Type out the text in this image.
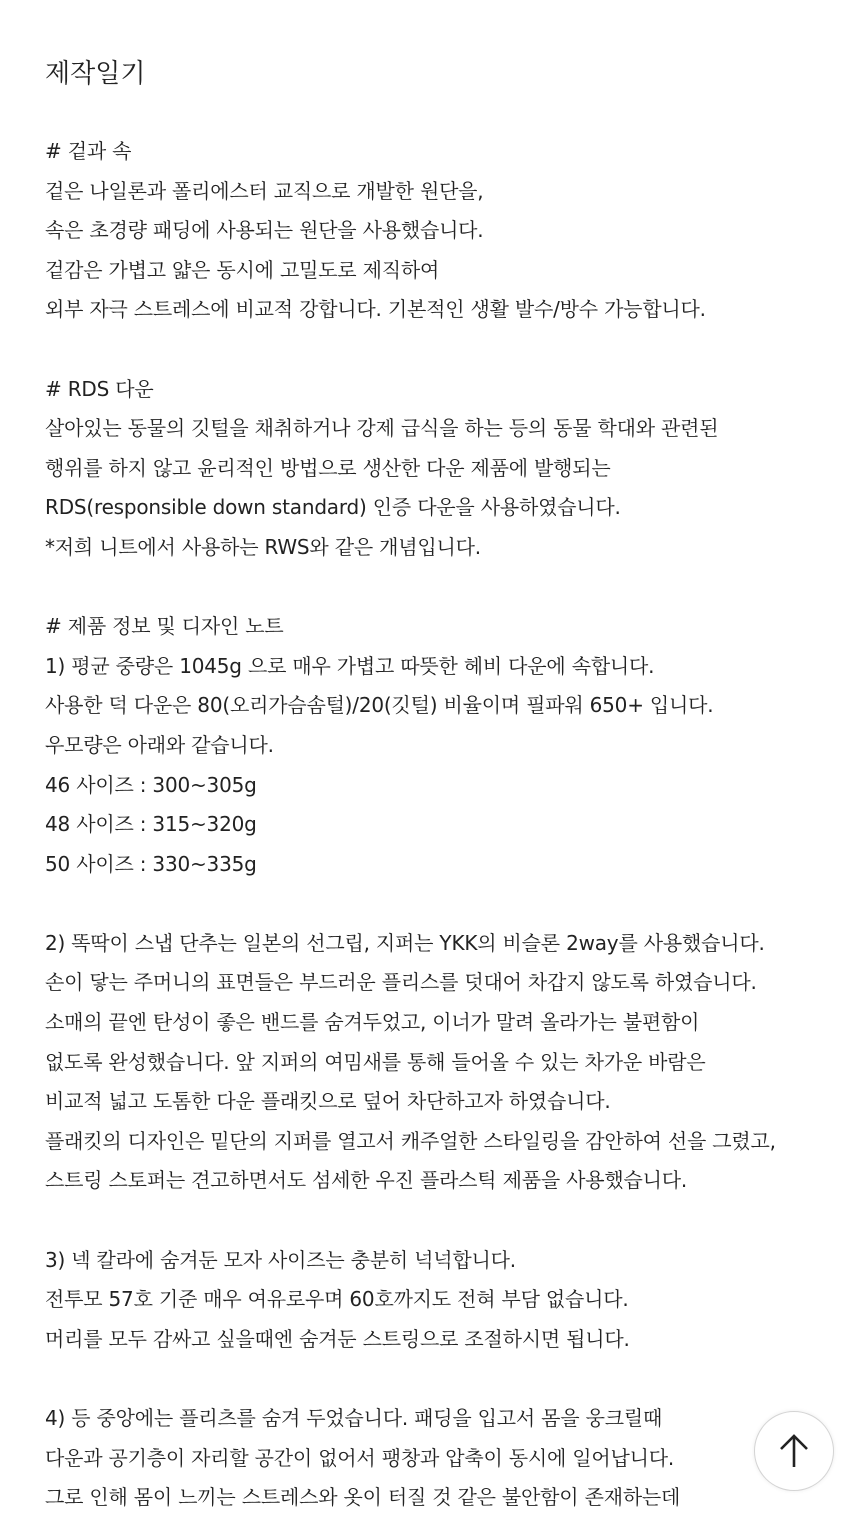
제작일기
# 겉과 속
겉은 나일론과 폴리에스터 교직으로 개발한 원단을,
속은 초경량 패딩에 사용되는 원단을 사용했습니다.
겉감은 가볍고 얇은 동시에 고밀도로 제직하여
외부 자극 스트레스에 비교적 강합니다. 기본적인 생활 발수/방수 가능합니다.
# RDS 다운
살아있는 동물의 깃털을 채취하거나 강제 급식을 하는 등의 동물 학대와 관련된
행위를 하지 않고 윤리적인 방법으로 생산한 다운 제품에 발행되는
RDS(responsible down standard) 인증 다운을 사용하였습니다.
*저희 니트에서 사용하는 RWS와 같은 개념입니다.
# 제품 정보 및 디자인 노트
1) 평균 중량은 1045g 으로 매우 가볍고 따뜻한 헤비 다운에 속합니다.
사용한 덕 다운은 80(오리가슴솜털)/20(깃털) 비율이며 필파워 650+ 입니다.
우모량은 아래와 같습니다.
46 사이즈 : 300~305g
48 사이즈 : 315~320g
50 사이즈 : 330~335g
2) 똑딱이 스냅 단추는 일본의 선그립, 지퍼는 YKK의 비슬론 2way를 사용했습니다.
손이 닿는 주머니의 표면들은 부드러운 플리스를 덧대어 차갑지 않도록 하였습니다.
소매의 끝엔 탄성이 좋은 밴드를 숨겨두었고, 이너가 말려 올라가는 불편함이
없도록 완성했습니다. 앞 지퍼의 여밈새를 통해 들어올 수 있는 차가운 바람은
비교적 넓고 도톰한 다운 플래킷으로 덮어 차단하고자 하였습니다.
플래킷의 디자인은 밑단의 지퍼를 열고서 캐주얼한 스타일링을 감안하여 선을 그렸고,
스트링 스토퍼는 견고하면서도 섬세한 우진 플라스틱 제품을 사용했습니다.
3) 넥 칼라에 숨겨둔 모자 사이즈는 충분히 넉넉합니다.
전투모 57호 기준 매우 여유로우며 60호까지도 전혀 부담 없습니다.
머리를 모두 감싸고 싶을때엔 숨겨둔 스트링으로 조절하시면 됩니다.
4) 등 중앙에는 플리츠를 숨겨 두었습니다. 패딩을 입고서 몸을 웅크릴때
다운과 공기층이 자리할 공간이 없어서 팽창과 압축이 동시에 일어납니다.
그로 인해 몸이 느끼는 스트레스와 옷이 터질 것 같은 불안함이 존재하는데
